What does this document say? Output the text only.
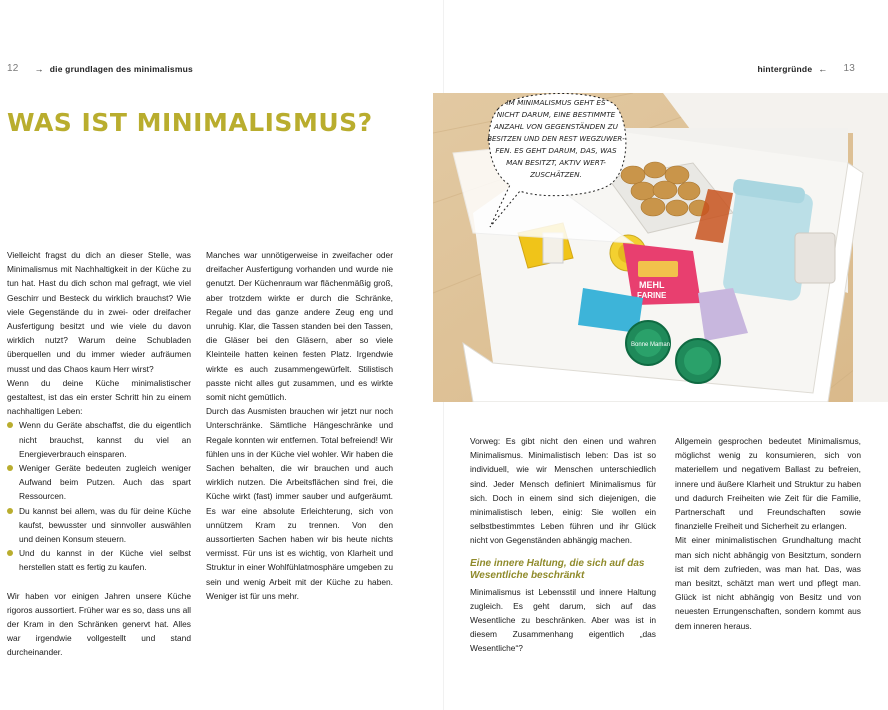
12 → die grundlagen des minimalismus
WAS IST MINIMALISMUS?

Vielleicht fragst du dich an dieser Stelle, was Minimalismus mit Nachhaltigkeit in der Küche zu tun hat. Hast du dich schon mal gefragt, wie viel Geschirr und Besteck du wirklich brauchst? Wie viele Gegenstände du in zwei- oder dreifacher Ausfertigung besitzt und wie viele du davon wirklich nutzt? Warum deine Schubladen überquellen und du immer wieder aufräumen musst und das Chaos kaum Herr wirst?

Wenn du deine Küche minimalistischer gestaltest, ist das ein erster Schritt hin zu einem nachhaltigen Leben:

Wenn du Geräte abschaffst, die du eigentlich nicht brauchst, kannst du viel an Energieverbrauch einsparen.
Weniger Geräte bedeuten zugleich weniger Aufwand beim Putzen. Auch das spart Ressourcen.
Du kannst bei allem, was du für deine Küche kaufst, bewusster und sinnvoller auswählen und deinen Konsum steuern.
Und du kannst in der Küche viel selbst herstellen statt es fertig zu kaufen.

Wir haben vor einigen Jahren unsere Küche rigoros aussortiert. Früher war es so, dass uns all der Kram in den Schränken genervt hat. Alles war irgendwie vollgestellt und stand durcheinander.

Manches war unnötigerweise in zweifacher oder dreifacher Ausfertigung vorhanden und wurde nie genutzt. Der Küchenraum war flächenmäßig groß, aber trotzdem wirkte er durch die Schränke, Regale und das ganze andere Zeug eng und unruhig. Klar, die Tassen standen bei den Tassen, die Gläser bei den Gläsern, aber so viele Kleinteile hatten keinen festen Platz. Irgendwie wirkte es auch zusammengewürfelt. Stilistisch passte nicht alles gut zusammen, und es wirkte somit nicht gemütlich.

Durch das Ausmisten brauchen wir jetzt nur noch Unterschränke. Sämtliche Hängeschränke und Regale konnten wir entfernen. Total befreiend! Wir fühlen uns in der Küche viel wohler. Wir haben die Sachen behalten, die wir brauchen und auch wirklich nutzen. Die Arbeitsflächen sind frei, die Küche wirkt (fast) immer sauber und aufgeräumt. Es war eine absolute Erleichterung, sich von unnützem Kram zu trennen. Von den aussortierten Sachen haben wir bis heute nichts vermisst. Für uns ist es wichtig, von Klarheit und Struktur in einer Wohlfühlatmosphäre umgeben zu sein und wenig Arbeit mit der Küche zu haben. Weniger ist für uns mehr.

hintergründe ← 13
MEHL
FARINE
Bonne Maman
IM MINIMALISMUS GEHT ES
NICHT DARUM, EINE BESTIMMTE
ANZAHL VON GEGENSTÄNDEN ZU
BESITZEN UND DEN REST WEGZUWER-
FEN. ES GEHT DARUM, DAS, WAS
MAN BESITZT, AKTIV WERT-
ZUSCHÄTZEN.

Vorweg: Es gibt nicht den einen und wahren Minimalismus. Minimalistisch leben: Das ist so individuell, wie wir Menschen unterschiedlich sind. Jeder Mensch definiert Minimalismus für sich. Doch in einem sind sich diejenigen, die minimalistisch leben, einig: Sie wollen ein selbstbestimmtes Leben führen und ihr Glück nicht von Gegenständen abhängig machen.

Eine innere Haltung, die sich auf das Wesentliche beschränkt

Minimalismus ist Lebensstil und innere Haltung zugleich. Es geht darum, sich auf das Wesentliche zu beschränken. Aber was ist in diesem Zusammenhang eigentlich „das Wesentliche“?

Allgemein gesprochen bedeutet Minimalismus, möglichst wenig zu konsumieren, sich von materiellem und negativem Ballast zu befreien, innere und äußere Klarheit und Struktur zu haben und dadurch Freiheiten wie Zeit für die Familie, Partnerschaft und Freundschaften sowie finanzielle Freiheit und Sicherheit zu erlangen.

Mit einer minimalistischen Grundhaltung macht man sich nicht abhängig von Besitztum, sondern ist mit dem zufrieden, was man hat. Das, was man besitzt, schätzt man wert und pflegt man. Glück ist nicht abhängig von Besitz und von neuesten Errungenschaften, sondern kommt aus dem inneren heraus.
